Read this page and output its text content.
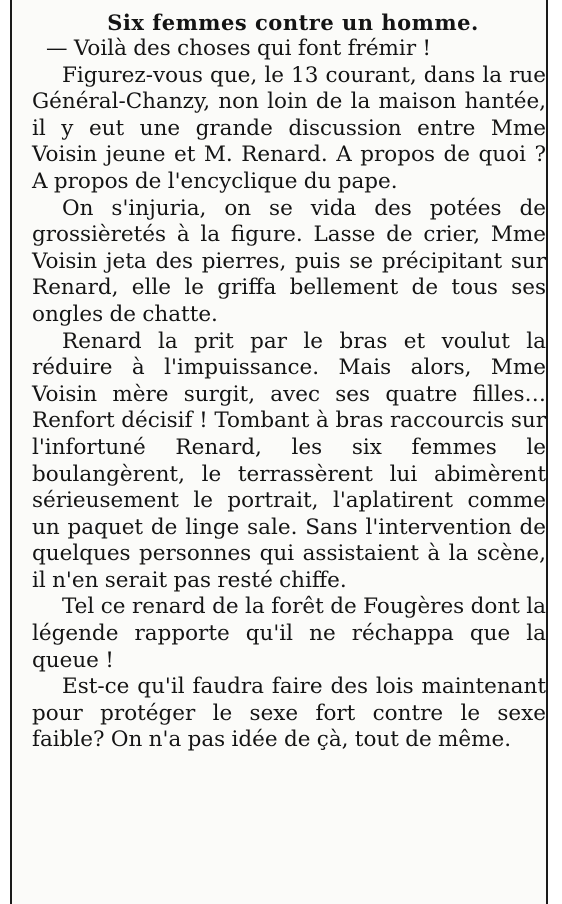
Six femmes contre un homme.

— Voilà des choses qui font frémir !

Figurez-vous que, le 13 courant, dans la rue Général-Chanzy, non loin de la maison hantée, il y eut une grande discussion entre Mme Voisin jeune et M. Renard. A propos de quoi ? A propos de l'encyclique du pape.

On s'injuria, on se vida des potées de grossièretés à la figure. Lasse de crier, Mme Voisin jeta des pierres, puis se précipitant sur Renard, elle le griffa bellement de tous ses ongles de chatte.

Renard la prit par le bras et voulut la réduire à l'impuissance. Mais alors, Mme Voisin mère surgit, avec ses quatre filles… Renfort décisif ! Tombant à bras raccourcis sur l'infortuné Renard, les six femmes le boulangèrent, le terrassèrent lui abimèrent sérieusement le portrait, l'aplatirent comme un paquet de linge sale. Sans l'intervention de quelques personnes qui assistaient à la scène, il n'en serait pas resté chiffe.

Tel ce renard de la forêt de Fougères dont la légende rapporte qu'il ne réchappa que la queue !

Est-ce qu'il faudra faire des lois maintenant pour protéger le sexe fort contre le sexe faible? On n'a pas idée de çà, tout de même.
